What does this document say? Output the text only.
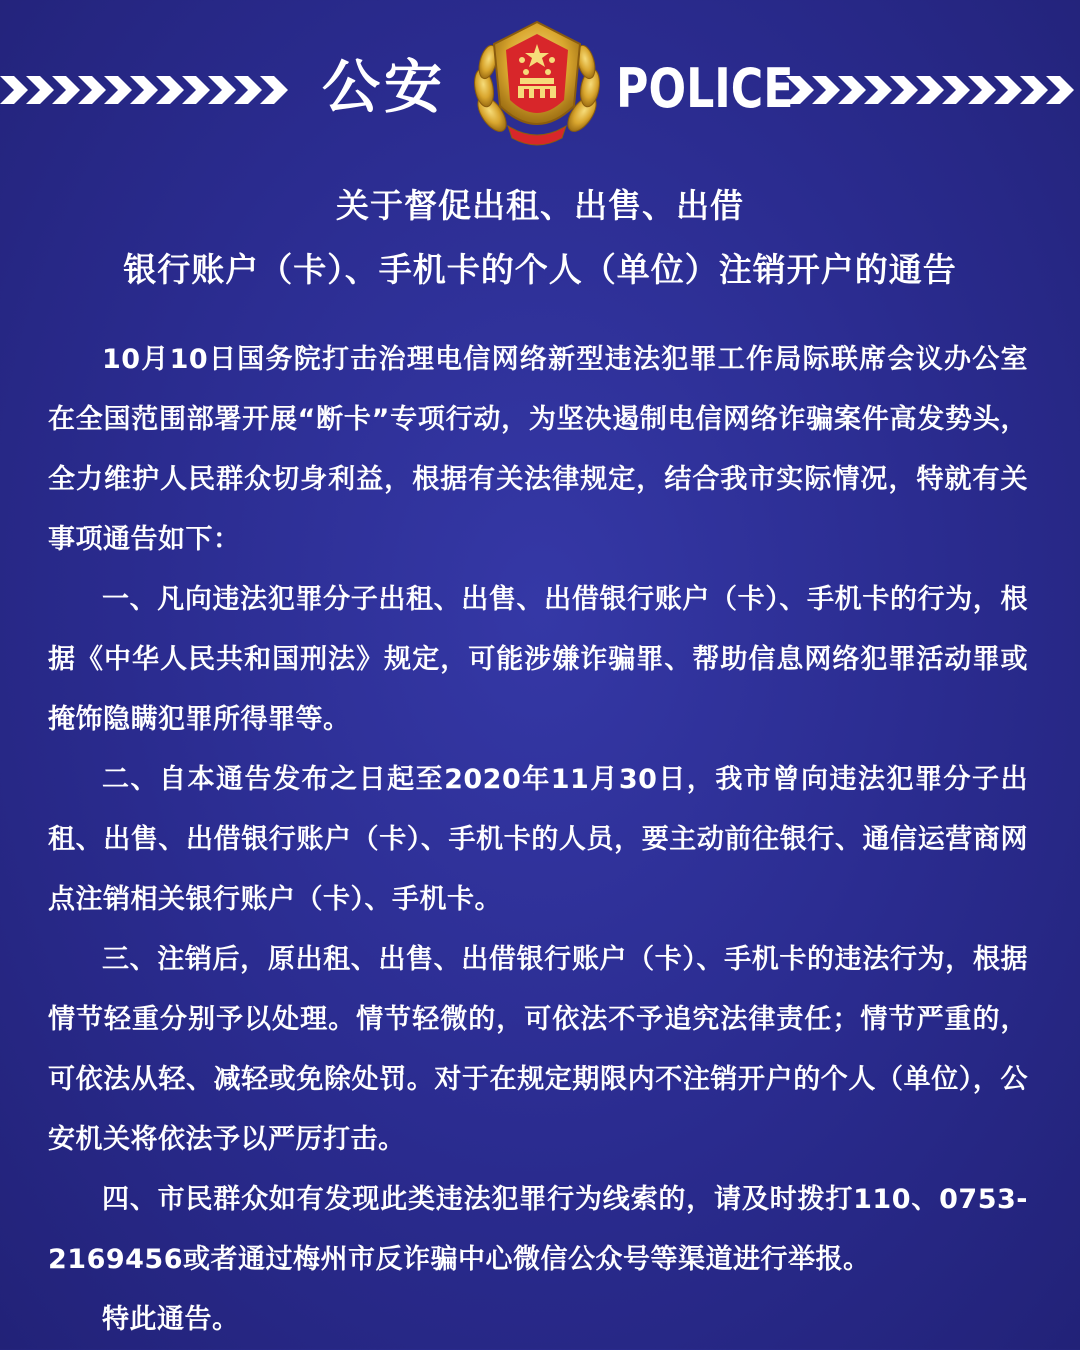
公安	POLICE
关于督促出租、出售、出借
银行账户（卡）、手机卡的个人（单位）注销开户的通告

10月10日国务院打击治理电信网络新型违法犯罪工作局际联席会议办公室在全国范围部署开展“断卡”专项行动，为坚决遏制电信网络诈骗案件高发势头，全力维护人民群众切身利益，根据有关法律规定，结合我市实际情况，特就有关事项通告如下：

一、凡向违法犯罪分子出租、出售、出借银行账户（卡）、手机卡的行为，根据《中华人民共和国刑法》规定，可能涉嫌诈骗罪、帮助信息网络犯罪活动罪或掩饰隐瞒犯罪所得罪等。

二、自本通告发布之日起至2020年11月30日，我市曾向违法犯罪分子出租、出售、出借银行账户（卡）、手机卡的人员，要主动前往银行、通信运营商网点注销相关银行账户（卡）、手机卡。

三、注销后，原出租、出售、出借银行账户（卡）、手机卡的违法行为，根据情节轻重分别予以处理。情节轻微的，可依法不予追究法律责任；情节严重的，可依法从轻、减轻或免除处罚。对于在规定期限内不注销开户的个人（单位），公安机关将依法予以严厉打击。

四、市民群众如有发现此类违法犯罪行为线索的，请及时拨打110、0753-2169456或者通过梅州市反诈骗中心微信公众号等渠道进行举报。

特此通告。
